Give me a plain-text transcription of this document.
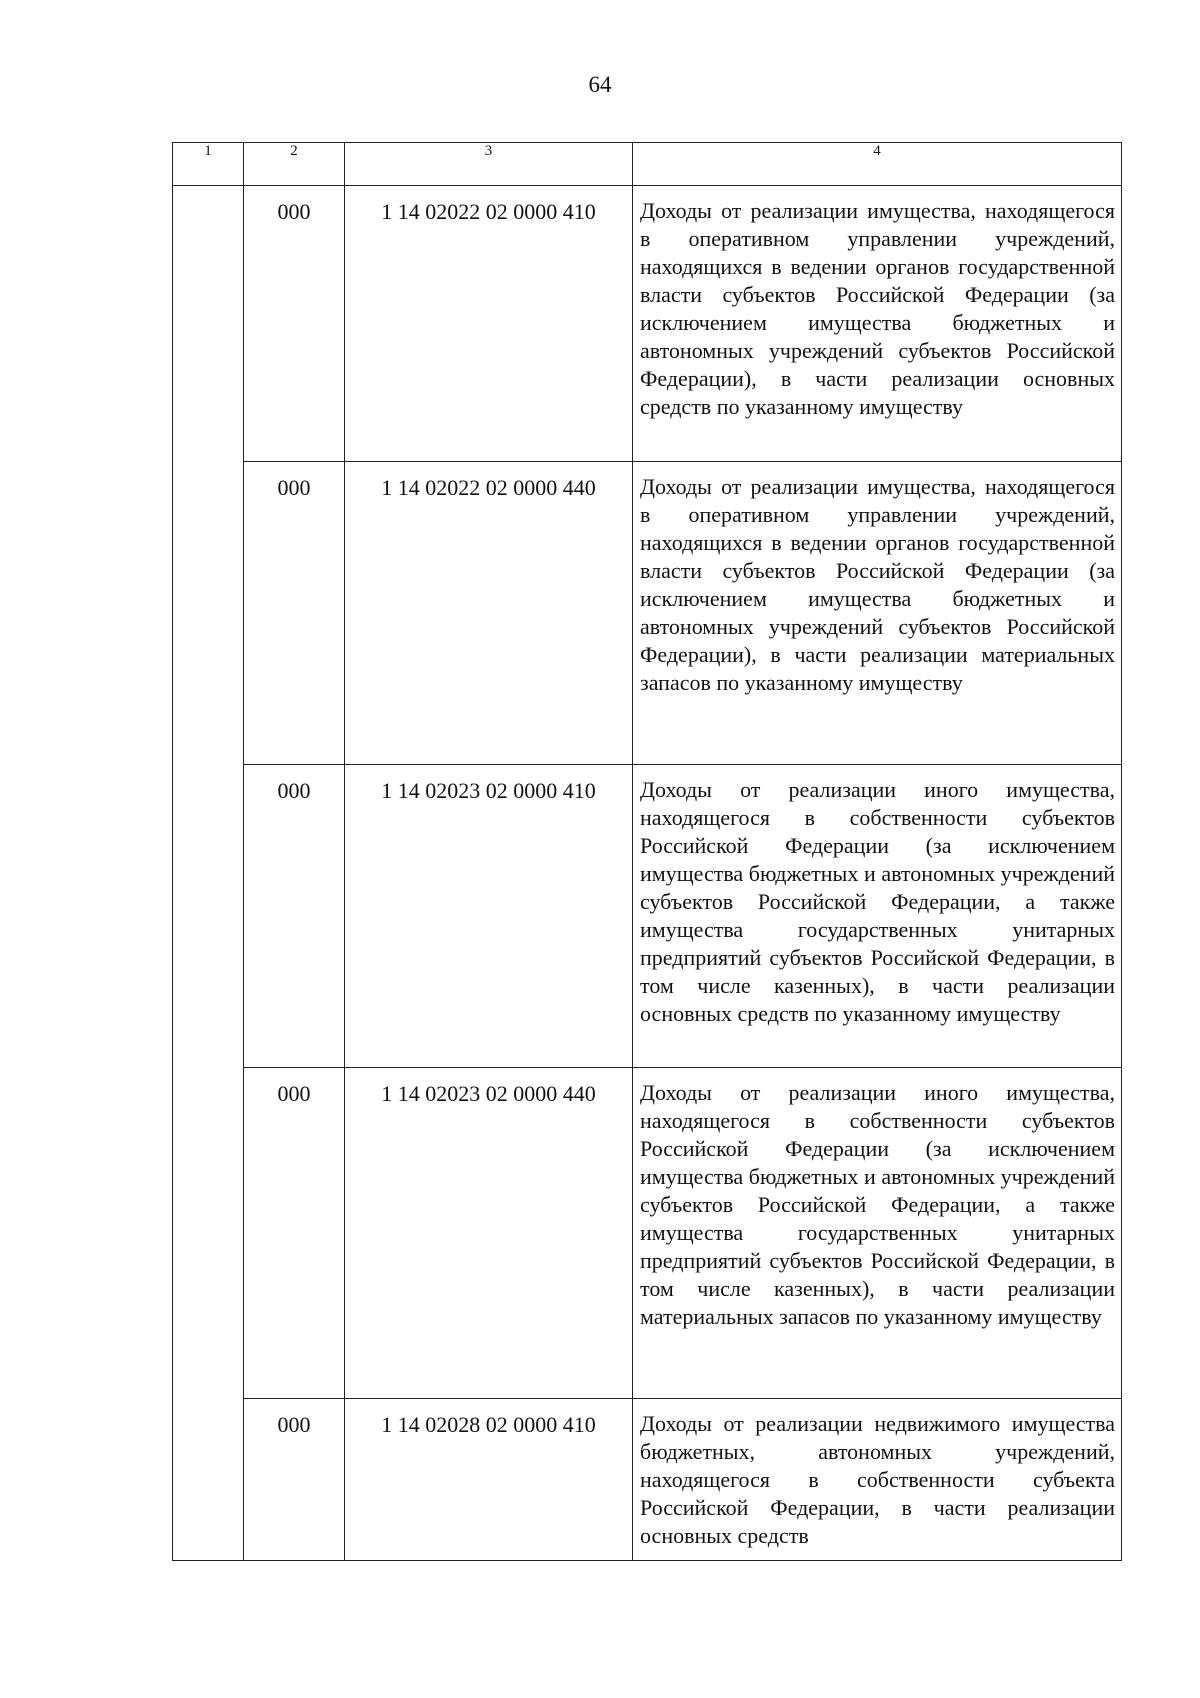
64
1	2	3	4
	000	1 14 02022 02 0000 410	Доходы от реализации имущества, находящегося в оперативном управлении учреждений, находящихся в ведении органов государственной власти субъектов Российской Федерации (за исключением имущества бюджетных и автономных учреждений субъектов Российской Федерации), в части реализации основных средств по указанному имуществу
	000	1 14 02022 02 0000 440	Доходы от реализации имущества, находящегося в оперативном управлении учреждений, находящихся в ведении органов государственной власти субъектов Российской Федерации (за исключением имущества бюджетных и автономных учреждений субъектов Российской Федерации), в части реализации материальных запасов по указанному имуществу
	000	1 14 02023 02 0000 410	Доходы от реализации иного имущества, находящегося в собственности субъектов Российской Федерации (за исключением имущества бюджетных и автономных учреждений субъектов Российской Федерации, а также имущества государственных унитарных предприятий субъектов Российской Федерации, в том числе казенных), в части реализации основных средств по указанному имуществу
	000	1 14 02023 02 0000 440	Доходы от реализации иного имущества, находящегося в собственности субъектов Российской Федерации (за исключением имущества бюджетных и автономных учреждений субъектов Российской Федерации, а также имущества государственных унитарных предприятий субъектов Российской Федерации, в том числе казенных), в части реализации материальных запасов по указанному имуществу
	000	1 14 02028 02 0000 410	Доходы от реализации недвижимого имущества бюджетных, автономных учреждений, находящегося в собственности субъекта Российской Федерации, в части реализации основных средств
